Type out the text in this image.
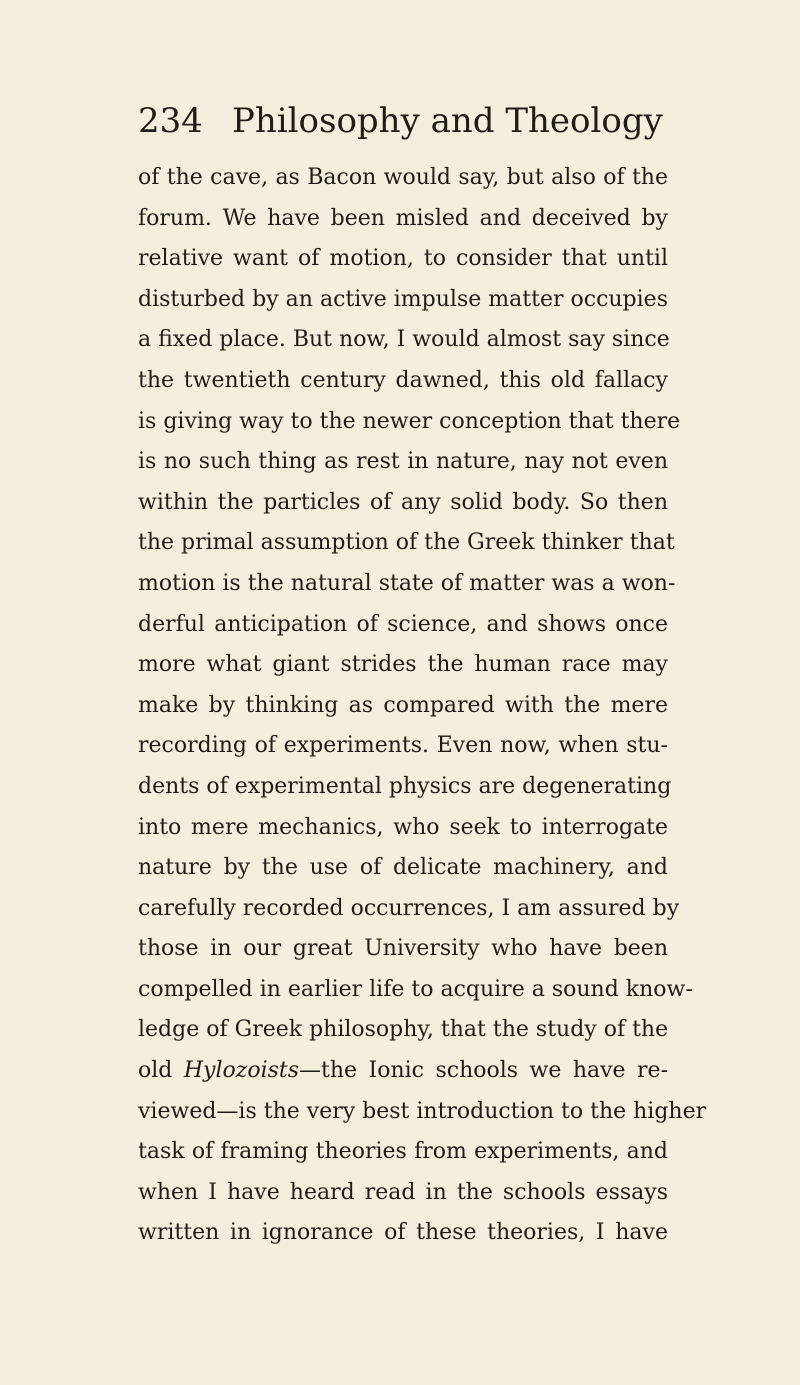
234 Philosophy and Theology
of the cave, as Bacon would say, but also of the
forum. We have been misled and deceived by
relative want of motion, to consider that until
disturbed by an active impulse matter occupies
a fixed place. But now, I would almost say since
the twentieth century dawned, this old fallacy
is giving way to the newer conception that there
is no such thing as rest in nature, nay not even
within the particles of any solid body. So then
the primal assumption of the Greek thinker that
motion is the natural state of matter was a won-
derful anticipation of science, and shows once
more what giant strides the human race may
make by thinking as compared with the mere
recording of experiments. Even now, when stu-
dents of experimental physics are degenerating
into mere mechanics, who seek to interrogate
nature by the use of delicate machinery, and
carefully recorded occurrences, I am assured by
those in our great University who have been
compelled in earlier life to acquire a sound know-
ledge of Greek philosophy, that the study of the
old Hylozoists—the Ionic schools we have re-
viewed—is the very best introduction to the higher
task of framing theories from experiments, and
when I have heard read in the schools essays
written in ignorance of these theories, I have
